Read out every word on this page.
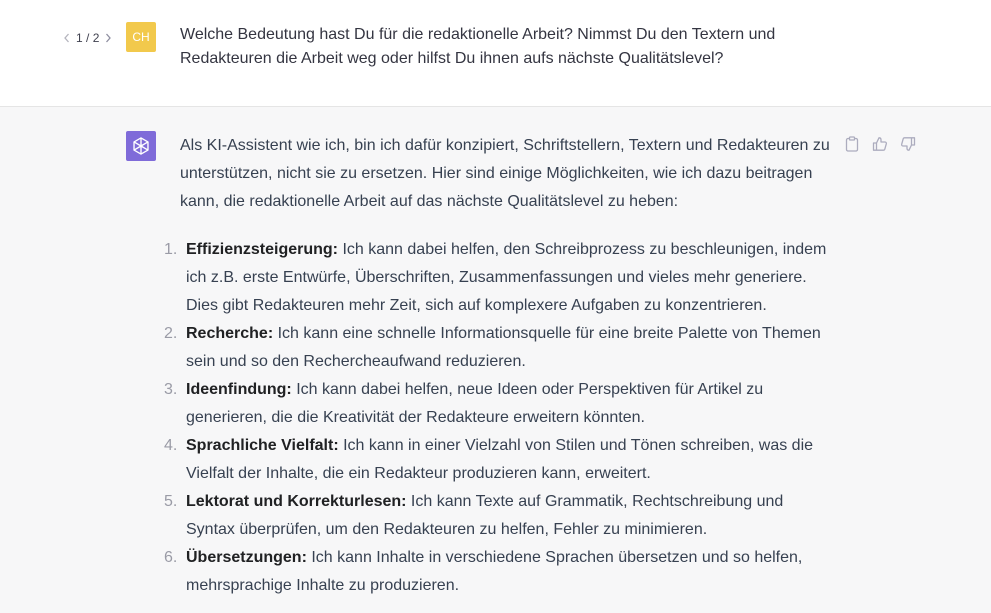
1 / 2	CH	Welche Bedeutung hast Du für die redaktionelle Arbeit? Nimmst Du den Textern und Redakteuren die Arbeit weg oder hilfst Du ihnen aufs nächste Qualitätslevel?

Als KI-Assistent wie ich, bin ich dafür konzipiert, Schriftstellern, Textern und Redakteuren zu unterstützen, nicht sie zu ersetzen. Hier sind einige Möglichkeiten, wie ich dazu beitragen kann, die redaktionelle Arbeit auf das nächste Qualitätslevel zu heben:

1. Effizienzsteigerung: Ich kann dabei helfen, den Schreibprozess zu beschleunigen, indem ich z.B. erste Entwürfe, Überschriften, Zusammenfassungen und vieles mehr generiere. Dies gibt Redakteuren mehr Zeit, sich auf komplexere Aufgaben zu konzentrieren.
2. Recherche: Ich kann eine schnelle Informationsquelle für eine breite Palette von Themen sein und so den Rechercheaufwand reduzieren.
3. Ideenfindung: Ich kann dabei helfen, neue Ideen oder Perspektiven für Artikel zu generieren, die die Kreativität der Redakteure erweitern könnten.
4. Sprachliche Vielfalt: Ich kann in einer Vielzahl von Stilen und Tönen schreiben, was die Vielfalt der Inhalte, die ein Redakteur produzieren kann, erweitert.
5. Lektorat und Korrekturlesen: Ich kann Texte auf Grammatik, Rechtschreibung und Syntax überprüfen, um den Redakteuren zu helfen, Fehler zu minimieren.
6. Übersetzungen: Ich kann Inhalte in verschiedene Sprachen übersetzen und so helfen, mehrsprachige Inhalte zu produzieren.
